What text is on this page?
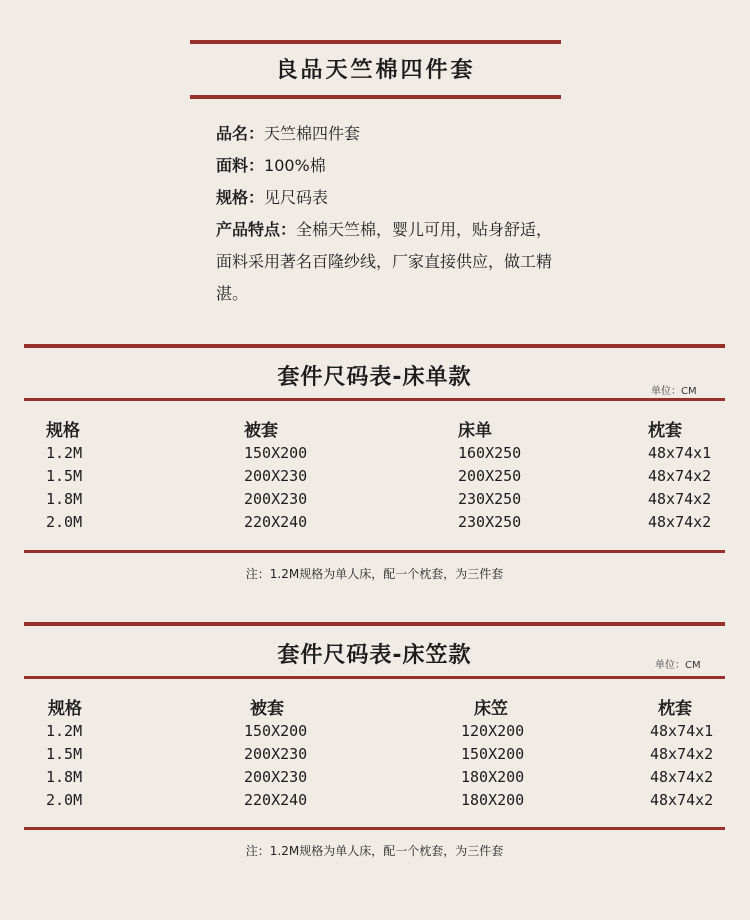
良品天竺棉四件套
品名：天竺棉四件套
面料：100%棉
规格：见尺码表
产品特点：全棉天竺棉，婴儿可用，贴身舒适，面料采用著名百隆纱线，厂家直接供应，做工精湛。
套件尺码表-床单款
单位：CM
规格	被套	床单	枕套
1.2M	150X200	160X250	48x74x1
1.5M	200X230	200X250	48x74x2
1.8M	200X230	230X250	48x74x2
2.0M	220X240	230X250	48x74x2
注：1.2M规格为单人床，配一个枕套，为三件套
套件尺码表-床笠款	单位：CM
规格	被套	床笠	枕套
1.2M	150X200	120X200	48x74x1
1.5M	200X230	150X200	48x74x2
1.8M	200X230	180X200	48x74x2
2.0M	220X240	180X200	48x74x2
注：1.2M规格为单人床，配一个枕套，为三件套
